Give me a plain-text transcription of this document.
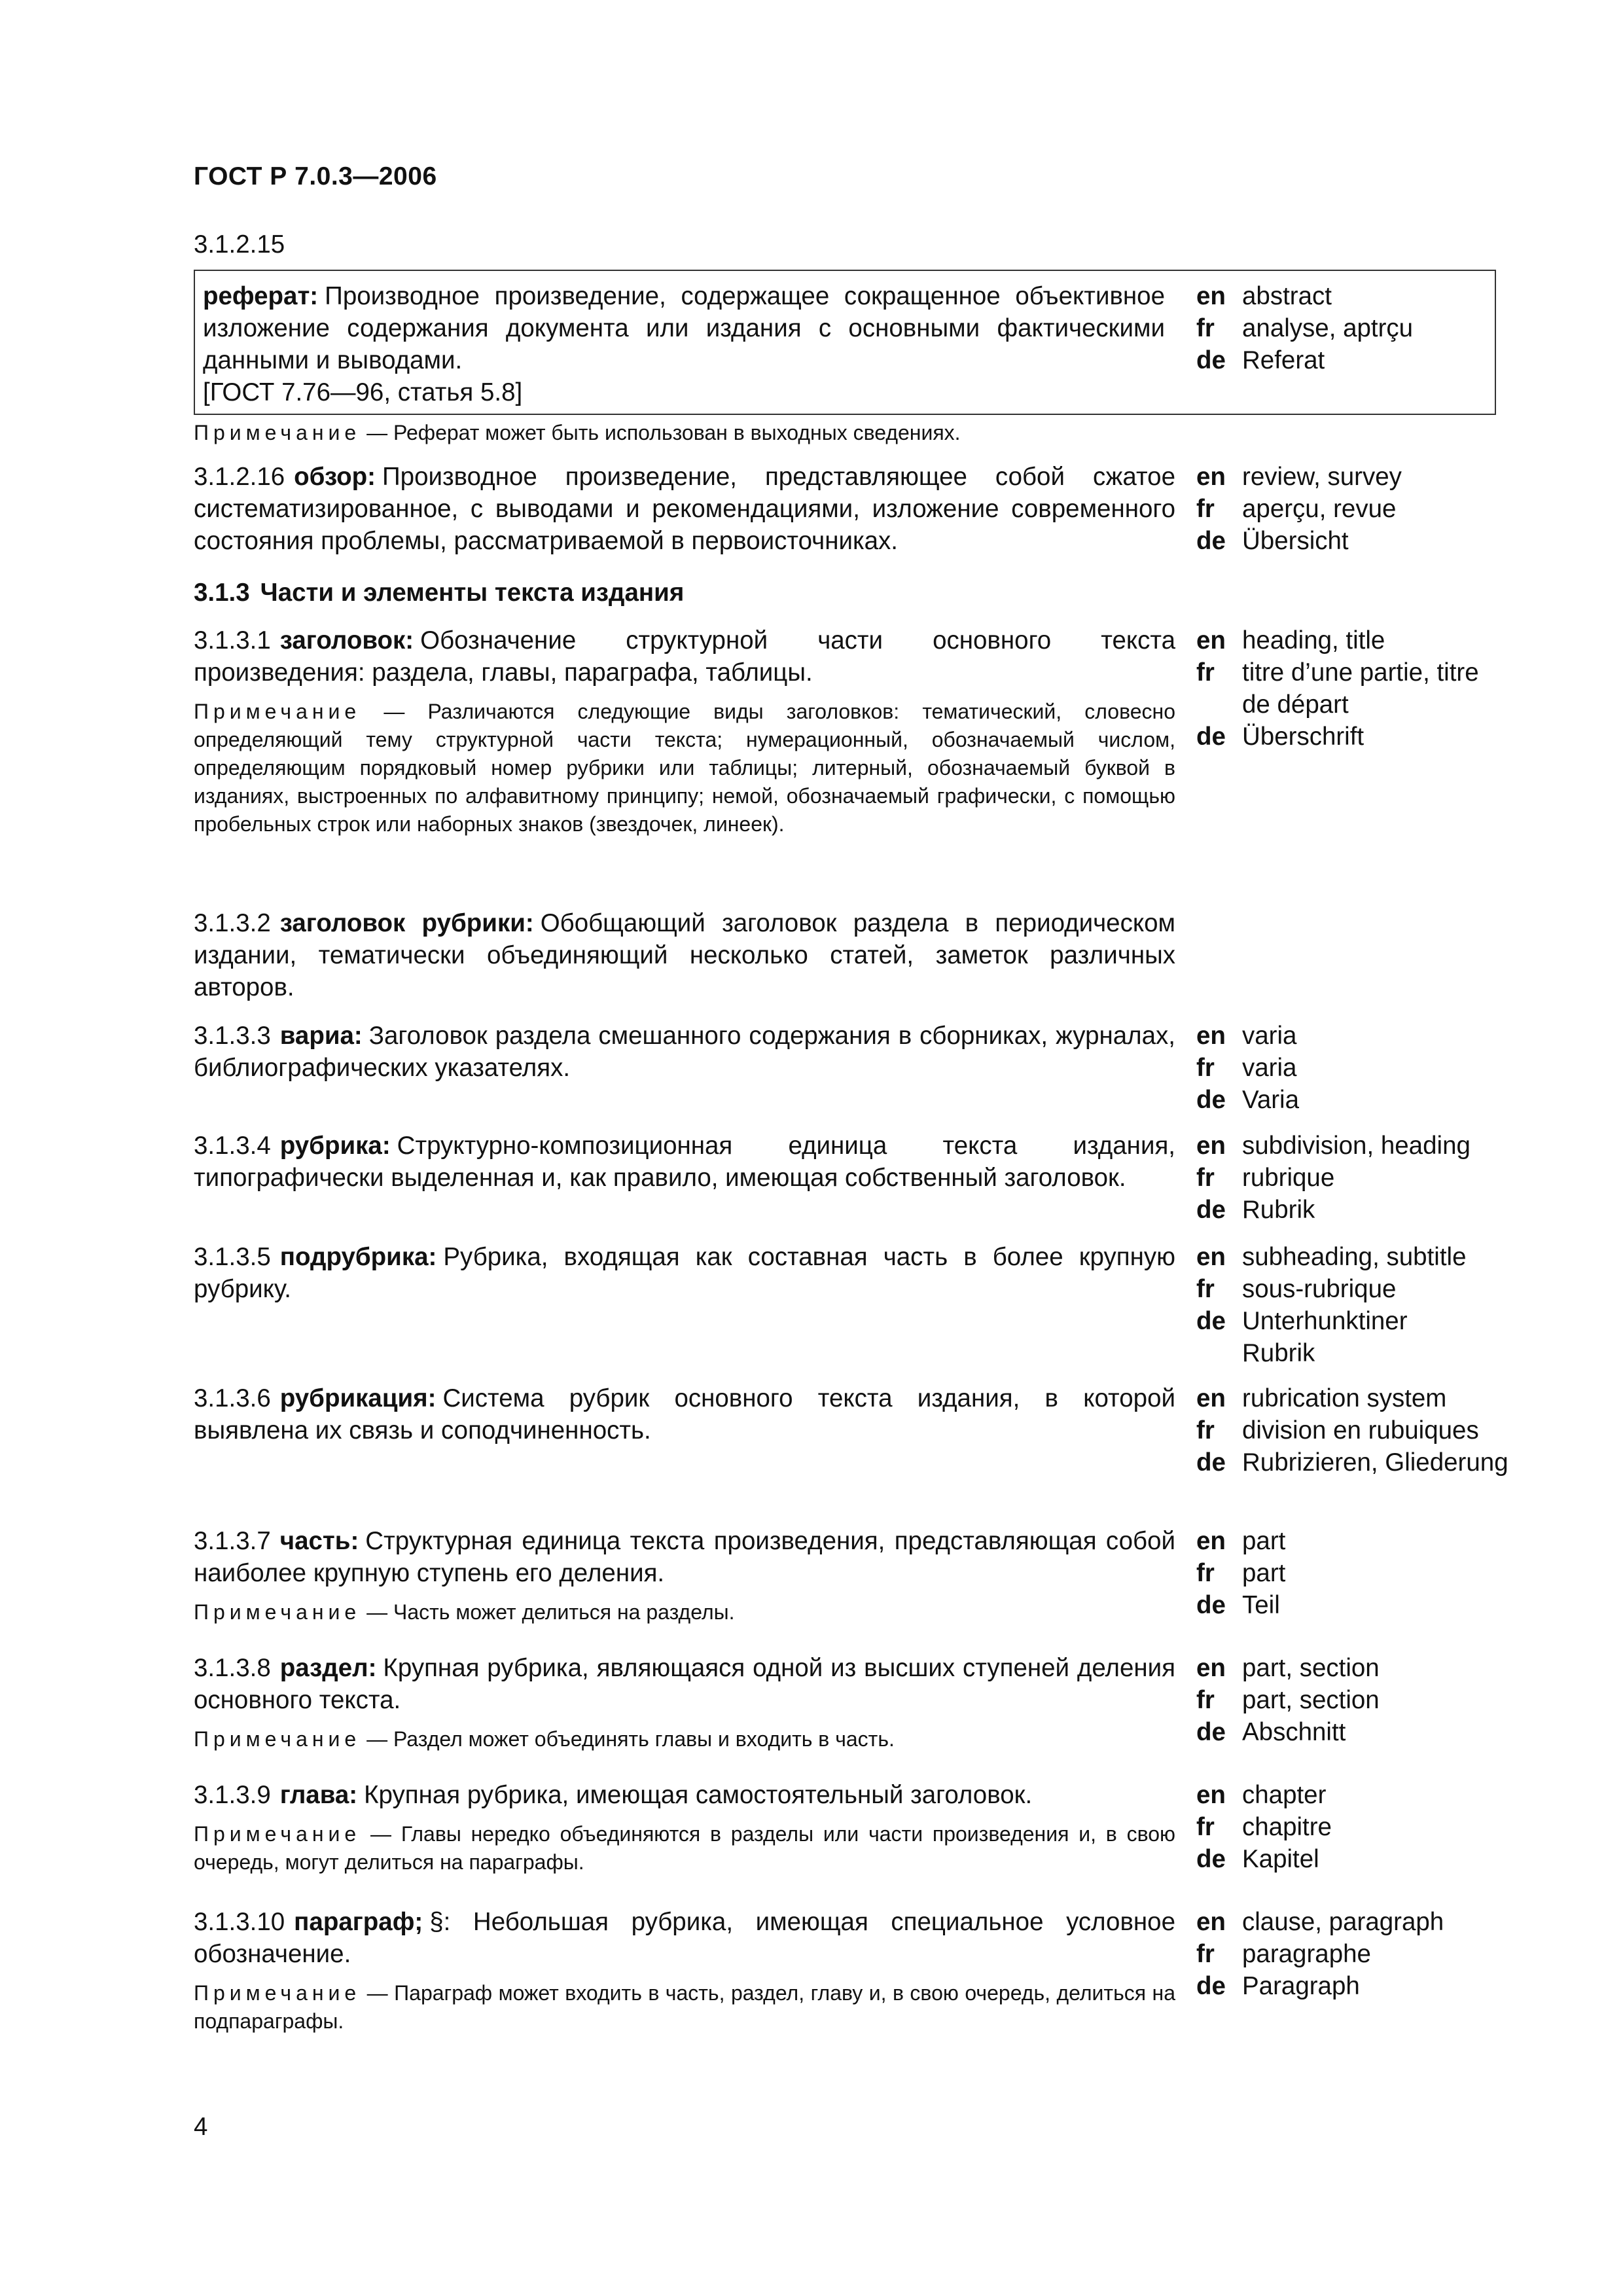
ГОСТ Р 7.0.3—2006
3.1.2.15

реферат: Производное произведение, содержащее сокращенное объективное изложение содержания документа или издания с основными фактическими данными и выводами.
[ГОСТ 7.76—96, статья 5.8]

en abstract
fr	analyse, aptrçu
de Referat

Примечание — Реферат может быть использован в выходных сведениях.

3.1.2.16 обзор: Производное произведение, представляющее собой сжатое систематизированное, с выводами и рекомендациями, изложение современного состояния проблемы, рассматриваемой в первоисточниках.

en review, survey
fr	aperçu, revue
de Übersicht
3.1.3 Части и элементы текста издания

3.1.3.1 заголовок: Обозначение структурной части основного текста произведения: раздела, главы, параграфа, таблицы.

Примечание — Различаются следующие виды заголовков: тематический, словесно определяющий тему структурной части текста; нумерационный, обозначаемый числом, определяющим порядковый номер рубрики или таблицы; литерный, обозначаемый буквой в изданиях, выстроенных по алфавитному принципу; немой, обозначаемый графически, с помощью пробельных строк или наборных знаков (звездочек, линеек).

en heading, title
fr	titre d’une partie, titre de départ
de Überschrift

3.1.3.2 заголовок рубрики: Обобщающий заголовок раздела в периодическом издании, тематически объединяющий несколько статей, заметок различных авторов.

3.1.3.3 вариа: Заголовок раздела смешанного содержания в сборниках, журналах, библиографических указателях.

en varia
fr	varia
de Varia

3.1.3.4 рубрика: Структурно-композиционная единица текста издания, типографически выделенная и, как правило, имеющая собственный заголовок.

en subdivision, heading
fr	rubrique
de Rubrik

3.1.3.5 подрубрика: Рубрика, входящая как составная часть в более крупную рубрику.

en subheading, subtitle
fr	sous-rubrique
de Unterhunktiner Rubrik

3.1.3.6 рубрикация: Система рубрик основного текста издания, в которой выявлена их связь и соподчиненность.

en rubrication system
fr	division en rubuiques
de Rubrizieren, Gliederung

3.1.3.7 часть: Структурная единица текста произведения, представляющая собой наиболее крупную ступень его деления.

Примечание — Часть может делиться на разделы.

en part
fr	part
de Teil

3.1.3.8 раздел: Крупная рубрика, являющаяся одной из высших ступеней деления основного текста.

Примечание — Раздел может объединять главы и входить в часть.

en part, section
fr	part, section
de Abschnitt

3.1.3.9 глава: Крупная рубрика, имеющая самостоятельный заголовок.

Примечание — Главы нередко объединяются в разделы или части произведения и, в свою очередь, могут делиться на параграфы.

en chapter
fr	chapitre
de Kapitel

3.1.3.10 параграф; §: Небольшая рубрика, имеющая специальное условное обозначение.

Примечание — Параграф может входить в часть, раздел, главу и, в свою очередь, делиться на подпараграфы.

en clause, paragraph
fr	paragraphe
de Paragraph
4
